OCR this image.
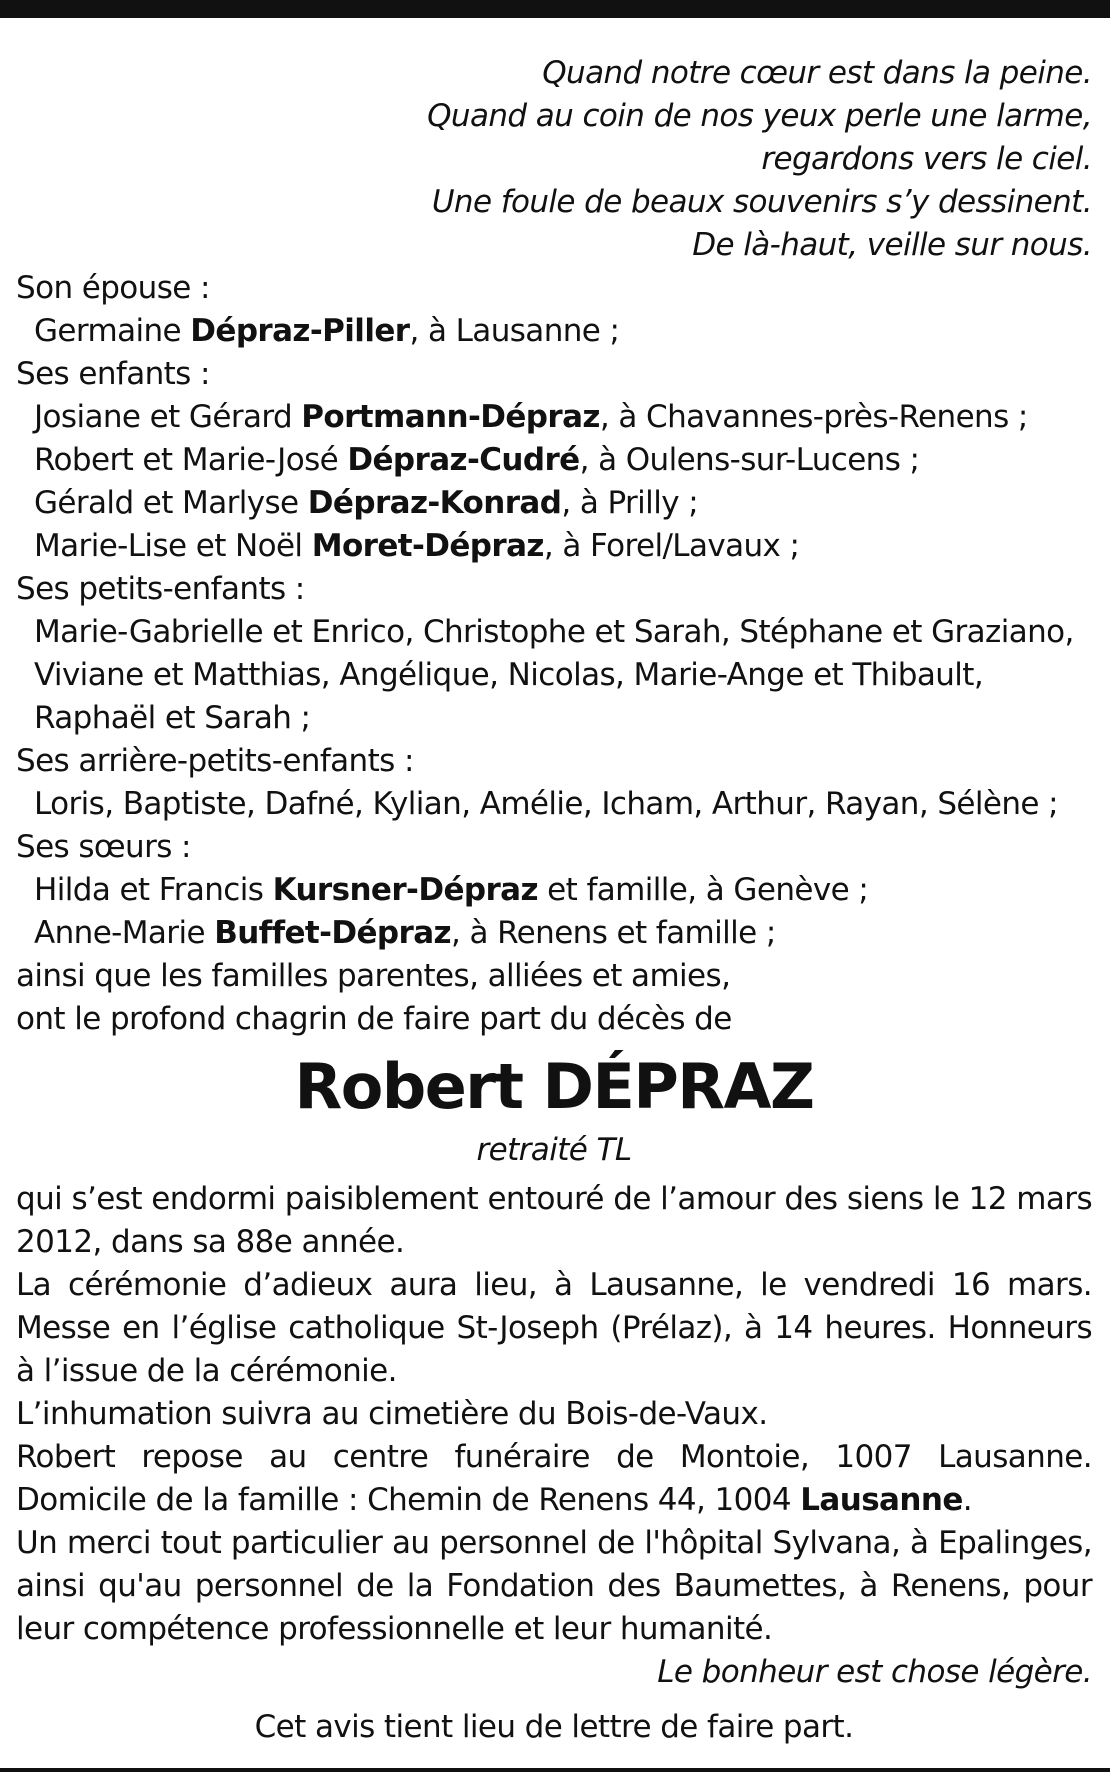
Quand notre cœur est dans la peine.
Quand au coin de nos yeux perle une larme,
regardons vers le ciel.
Une foule de beaux souvenirs s’y dessinent.
De là-haut, veille sur nous.
Son épouse :
Germaine Dépraz-Piller, à Lausanne ;
Ses enfants :
Josiane et Gérard Portmann-Dépraz, à Chavannes-près-Renens ;
Robert et Marie-José Dépraz-Cudré, à Oulens-sur-Lucens ;
Gérald et Marlyse Dépraz-Konrad, à Prilly ;
Marie-Lise et Noël Moret-Dépraz, à Forel/Lavaux ;
Ses petits-enfants :
Marie-Gabrielle et Enrico, Christophe et Sarah, Stéphane et Graziano,
Viviane et Matthias, Angélique, Nicolas, Marie-Ange et Thibault,
Raphaël et Sarah ;
Ses arrière-petits-enfants :
Loris, Baptiste, Dafné, Kylian, Amélie, Icham, Arthur, Rayan, Sélène ;
Ses sœurs :
Hilda et Francis Kursner-Dépraz et famille, à Genève ;
Anne-Marie Buffet-Dépraz, à Renens et famille ;
ainsi que les familles parentes, alliées et amies,
ont le profond chagrin de faire part du décès de
Robert DÉPRAZ
retraité TL
qui s’est endormi paisiblement entouré de l’amour des siens le 12 mars 2012, dans sa 88e année.
La cérémonie d’adieux aura lieu, à Lausanne, le vendredi 16 mars. Messe en l’église catholique St-Joseph (Prélaz), à 14 heures. Honneurs à l’issue de la cérémonie.
L’inhumation suivra au cimetière du Bois-de-Vaux.
Robert repose au centre funéraire de Montoie, 1007 Lausanne. Domicile de la famille : Chemin de Renens 44, 1004 Lausanne.
Un merci tout particulier au personnel de l'hôpital Sylvana, à Epalinges, ainsi qu'au personnel de la Fondation des Baumettes, à Renens, pour leur compétence professionnelle et leur humanité.
Le bonheur est chose légère.
Cet avis tient lieu de lettre de faire part.
